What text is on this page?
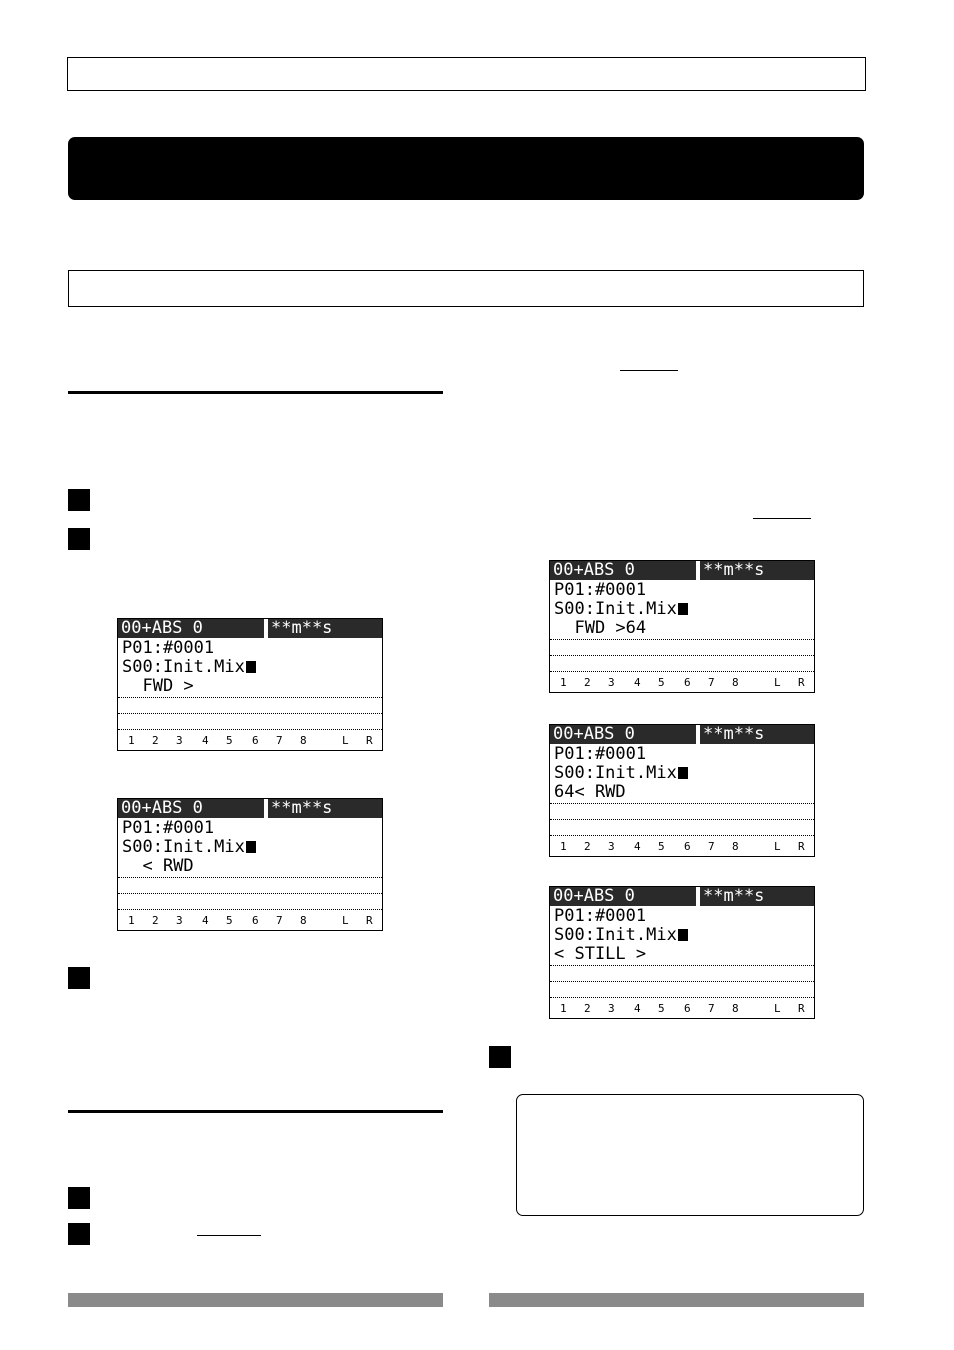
00+ABS 0	**m**s
P01:#0001
S00:Init.Mix
FWD >
1 2 3 4 5 6 7 8	L R
00+ABS 0	**m**s
P01:#0001
S00:Init.Mix
< RWD
1 2 3 4 5 6 7 8	L R
00+ABS 0	**m**s
P01:#0001
S00:Init.Mix
FWD >64
1 2 3 4 5 6 7 8	L R
00+ABS 0	**m**s
P01:#0001
S00:Init.Mix
64< RWD
1 2 3 4 5 6 7 8	L R
00+ABS 0	**m**s
P01:#0001
S00:Init.Mix
< STILL >
1 2 3 4 5 6 7 8	L R
